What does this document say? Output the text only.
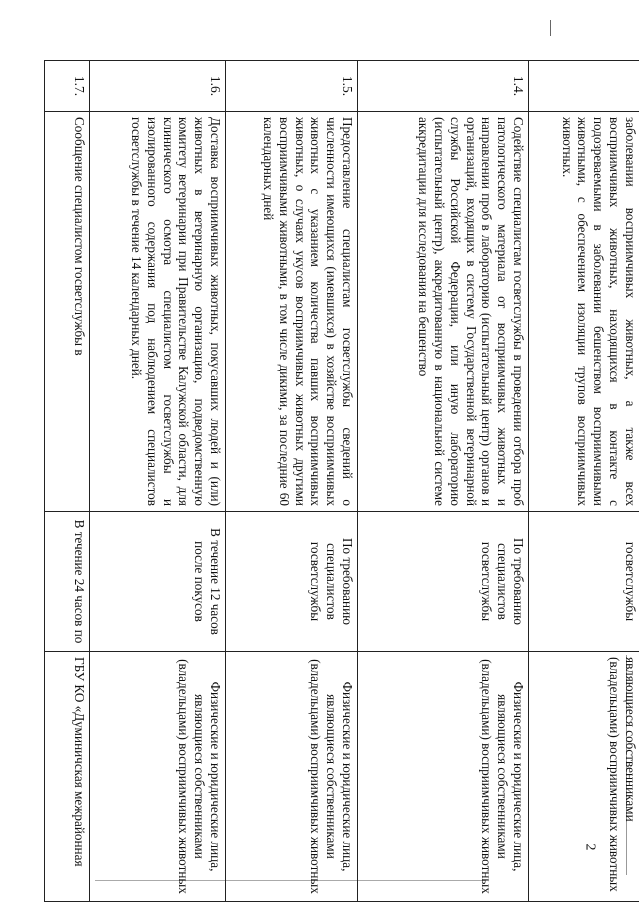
2
	заболевании восприимчивых животных, а также всех восприимчивых животных, находящихся в контакте с подозреваемыми в заболевании бешенством восприимчивыми животными, с обеспечением изоляции трупов восприимчивых животных.	госветслужбы	являющиеся собственниками (владельцами) восприимчивых животных
1.4.	Содействие специалистам госветслужбы в проведении отбора проб патологического материала от восприимчивых животных и направлении проб в лабораторию (испытательный центр) органов и организаций, входящих в систему Государственной ветеринарной службы Российской Федерации, или иную лабораторию (испытательный центр), аккредитованную в национальной системе аккредитации для исследования на бешенство	По требованию специалистов госветслужбы	Физические и юридические лица, являющиеся собственниками (владельцами) восприимчивых животных
1.5.	Предоставление специалистам госветслужбы сведений о численности имеющихся (имевшихся) в хозяйстве восприимчивых животных с указанием количества павших восприимчивых животных, о случаях укусов восприимчивых животных другими восприимчивыми животными, в том числе дикими, за последние 60 календарных дней	По требованию специалистов госветслужбы	Физические и юридические лица, являющиеся собственниками (владельцами) восприимчивых животных
1.6.	Доставка восприимчивых животных, покусавших людей и (или) животных в ветеринарную организацию, подведомственную комитету ветеринарии при Правительстве Калужской области, для клинического осмотра специалистом госветслужбы и изолированного содержания под наблюдением специалистов госветслужбы в течение 14 календарных дней.	В течение 12 часов после покусов	Физические и юридические лица, являющиеся собственниками (владельцами) восприимчивых животных
1.7.	Сообщение специалистом госветслужбы в	В течение 24 часов по	ГБУ КО «Думиничская межрайонная
